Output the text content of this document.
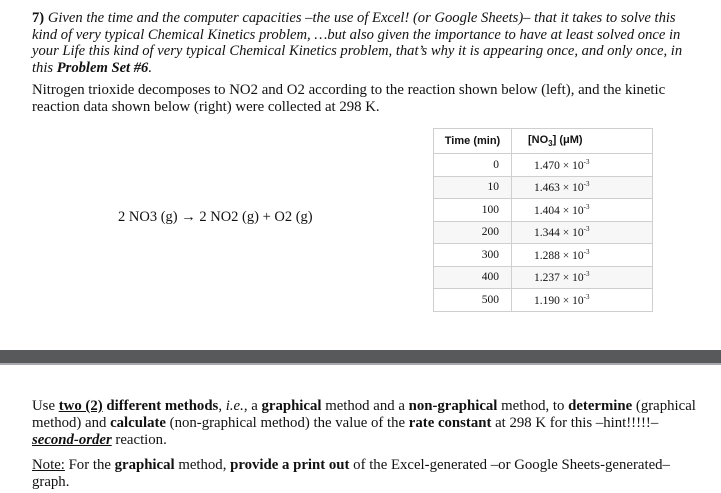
7) Given the time and the computer capacities –the use of Excel! (or Google Sheets)– that it takes to solve this kind of very typical Chemical Kinetics problem, …but also given the importance to have at least solved once in your Life this kind of very typical Chemical Kinetics problem, that’s why it is appearing once, and only once, in this Problem Set #6.
Nitrogen trioxide decomposes to NO2 and O2 according to the reaction shown below (left), and the kinetic reaction data shown below (right) were collected at 298 K.
2 NO3 (g) → 2 NO2 (g) + O2 (g)
Time (min)	$[NO_3]$ (μM)
0	$1.470 \times 10^{-3}$
10	$1.463 \times 10^{-3}$
100	$1.404 \times 10^{-3}$
200	$1.344 \times 10^{-3}$
300	$1.288 \times 10^{-3}$
400	$1.237 \times 10^{-3}$
500	$1.190 \times 10^{-3}$
Use two (2) different methods, i.e., a graphical method and a non-graphical method, to determine (graphical method) and calculate (non-graphical method) the value of the rate constant at 298 K for this –hint!!!!!– second-order reaction.
Note: For the graphical method, provide a print out of the Excel-generated –or Google Sheets-generated– graph.
